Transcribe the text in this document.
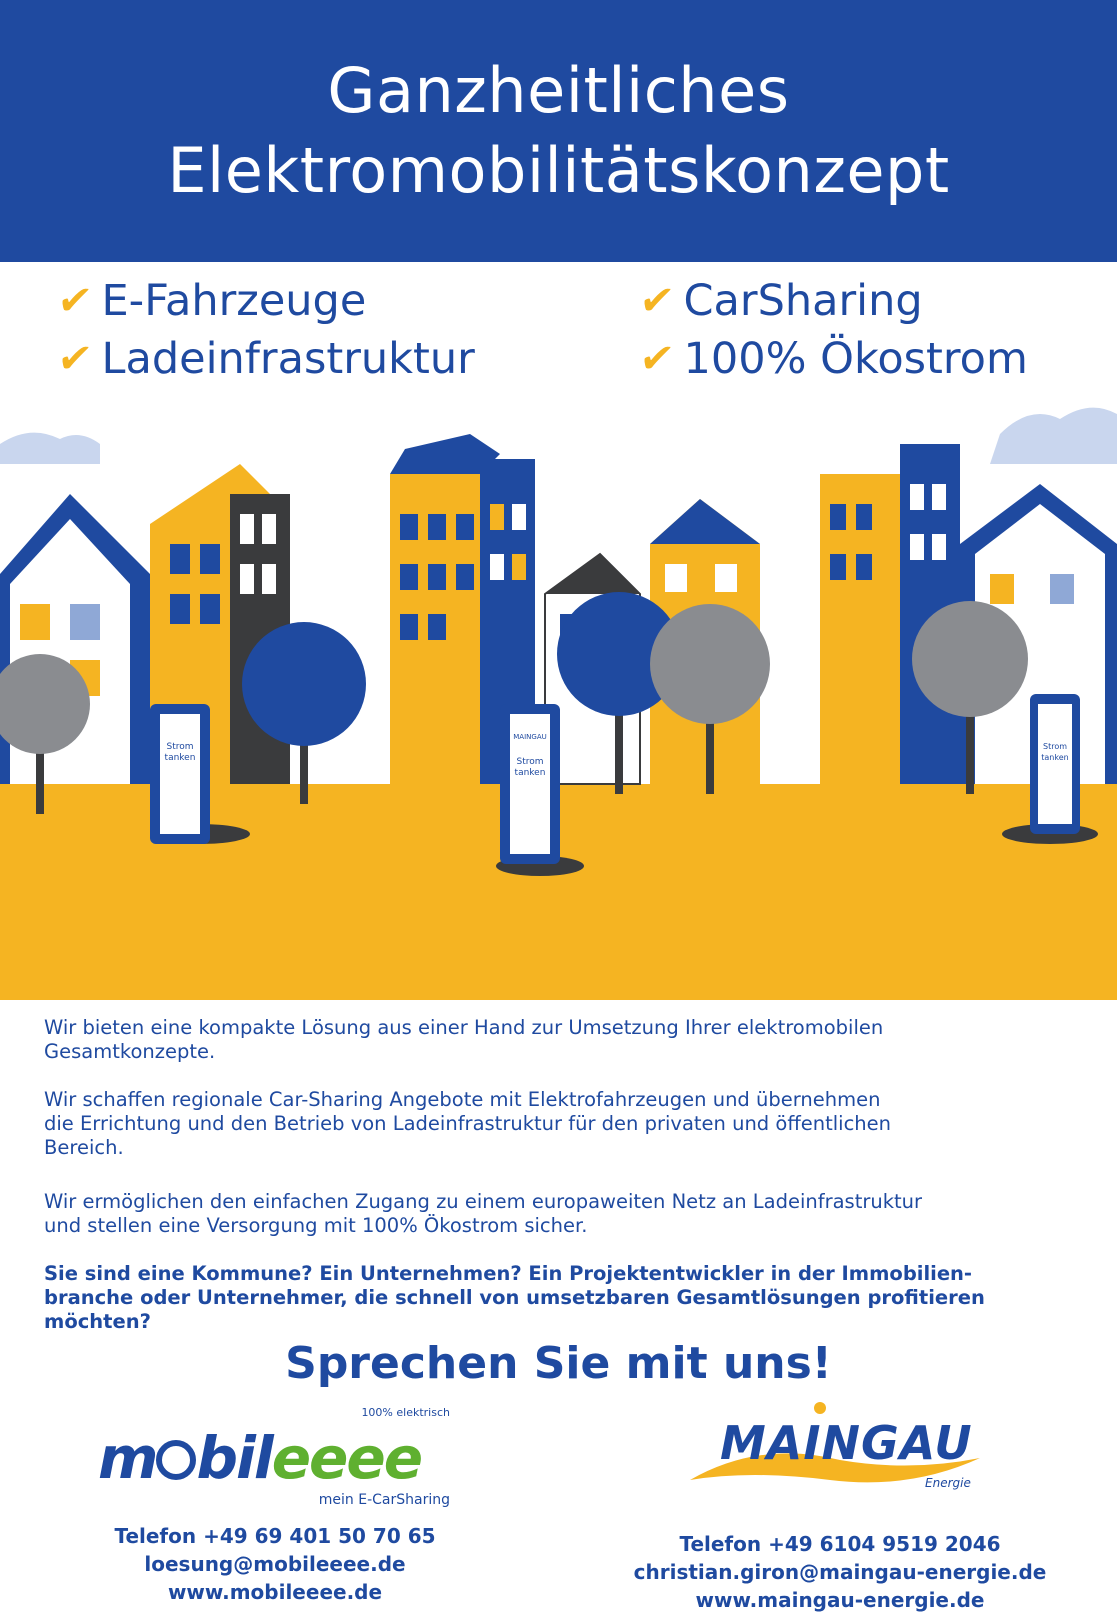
Ganzheitliches
Elektromobilitätskonzept
✔ E-Fahrzeuge
✔ Ladeinfrastruktur
✔ CarSharing
✔ 100% Ökostrom
Strom
tanken
MAINGAU
Strom
tanken
Strom
tanken
Wir bieten eine kompakte Lösung aus einer Hand zur Umsetzung Ihrer elektromobilen
Gesamtkonzepte.
Wir schaffen regionale Car-Sharing Angebote mit Elektrofahrzeugen und übernehmen
die Errichtung und den Betrieb von Ladeinfrastruktur für den privaten und öffentlichen
Bereich.
Wir ermöglichen den einfachen Zugang zu einem europaweiten Netz an Ladeinfrastruktur
und stellen eine Versorgung mit 100% Ökostrom sicher.
Sie sind eine Kommune? Ein Unternehmen? Ein Projektentwickler in der Immobilien-
branche oder Unternehmer, die schnell von umsetzbaren Gesamtlösungen profitieren
möchten?
Sprechen Sie mit uns!
100% elektrisch
m bileeee
mein E-CarSharing
MAINGAU
Energie
Telefon +49 69 401 50 70 65
loesung@mobileeee.de
www.mobileeee.de
Telefon +49 6104 9519 2046
christian.giron@maingau-energie.de
www.maingau-energie.de
